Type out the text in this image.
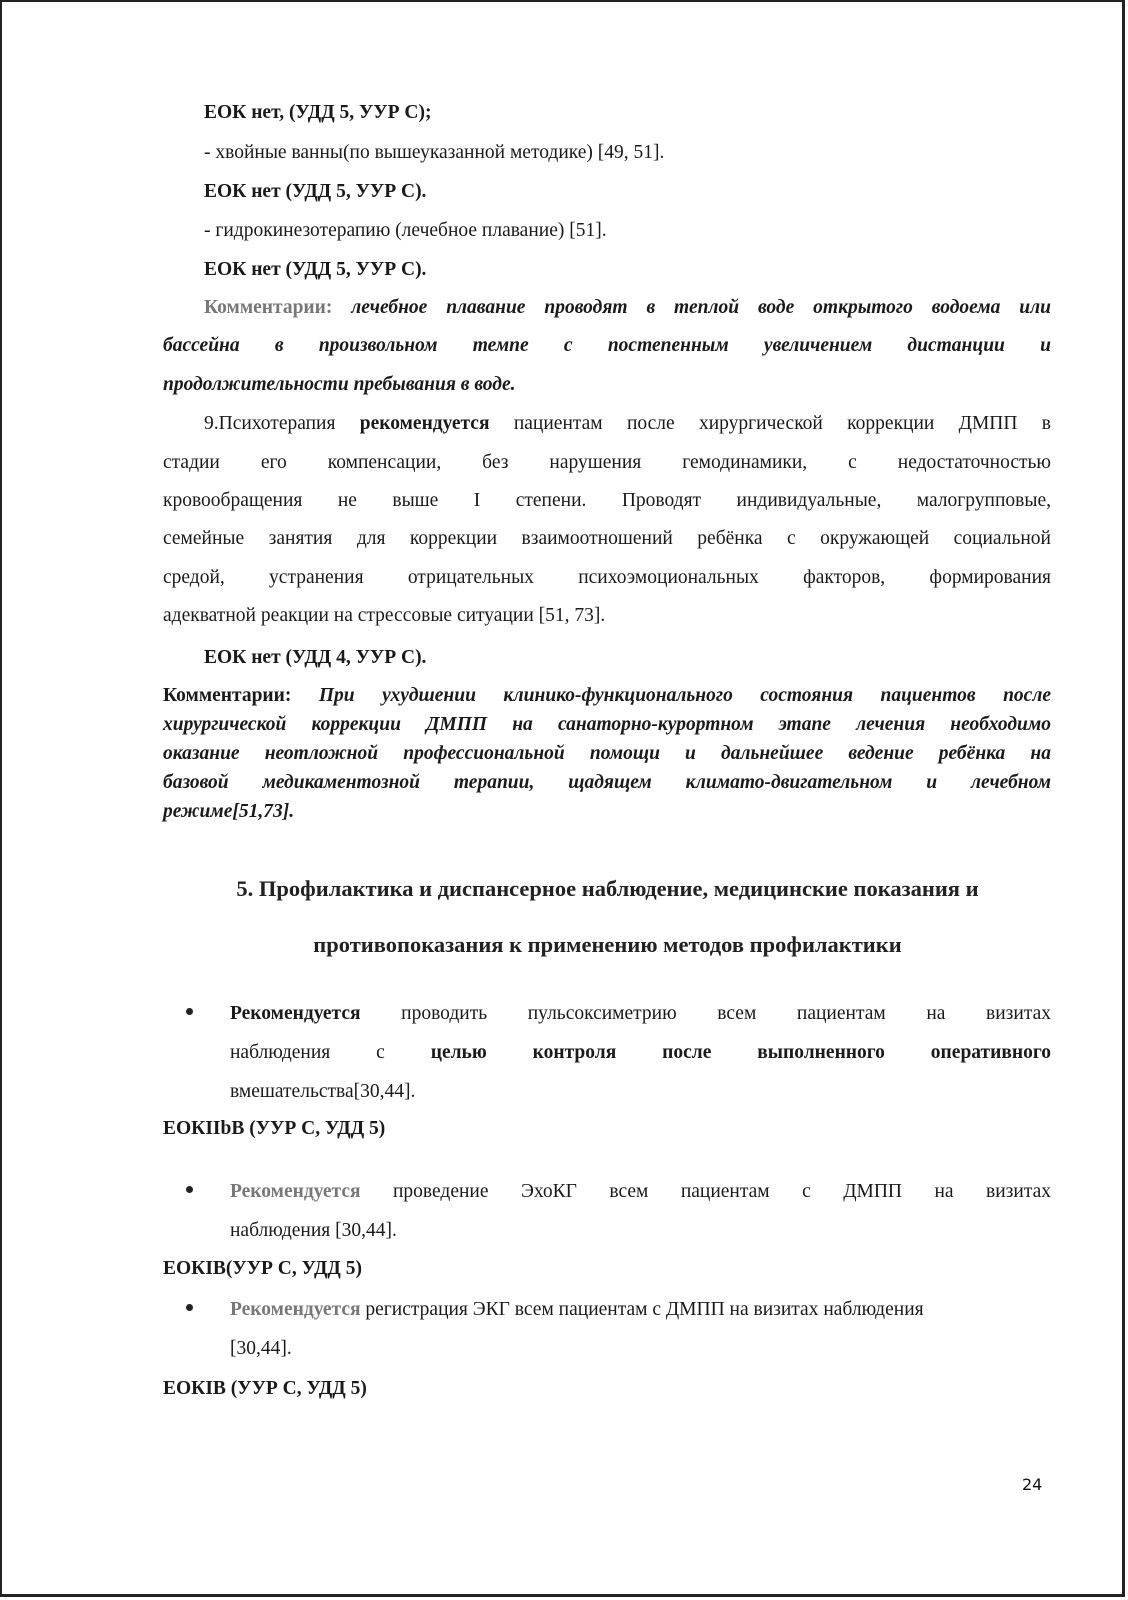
ЕОК нет, (УДД 5, УУР С);
- хвойные ванны(по вышеуказанной методике) [49, 51].
ЕОК нет (УДД 5, УУР С).
- гидрокинезотерапию (лечебное плавание) [51].
ЕОК нет (УДД 5, УУР С).
Комментарии: лечебное плавание проводят в теплой воде открытого водоема или
бассейна в произвольном темпе с постепенным увеличением дистанции и
продолжительности пребывания в воде.
9.Психотерапия рекомендуется пациентам после хирургической коррекции ДМПП в
стадии его компенсации, без нарушения гемодинамики, с недостаточностью
кровообращения не выше I степени. Проводят индивидуальные, малогрупповые,
семейные занятия для коррекции взаимоотношений ребёнка с окружающей социальной
средой, устранения отрицательных психоэмоциональных факторов, формирования
адекватной реакции на стрессовые ситуации [51, 73].
ЕОК нет (УДД 4, УУР С).
Комментарии: При ухудшении клинико-функционального состояния пациентов после
хирургической коррекции ДМПП на санаторно-курортном этапе лечения необходимо
оказание неотложной профессиональной помощи и дальнейшее ведение ребёнка на
базовой медикаментозной терапии, щадящем климато-двигательном и лечебном
режиме[51,73].
5. Профилактика и диспансерное наблюдение, медицинские показания и
противопоказания к применению методов профилактики
Рекомендуется проводить пульсоксиметрию всем пациентам на визитах
наблюдения с целью контроля после выполненного оперативного
вмешательства[30,44].
ЕОКIIbВ (УУР С, УДД 5)
Рекомендуется проведение ЭхоКГ всем пациентам с ДМПП на визитах
наблюдения [30,44].
ЕОКIВ(УУР С, УДД 5)
Рекомендуется регистрация ЭКГ всем пациентам с ДМПП на визитах наблюдения
[30,44].
ЕОКIВ (УУР С, УДД 5)
24
